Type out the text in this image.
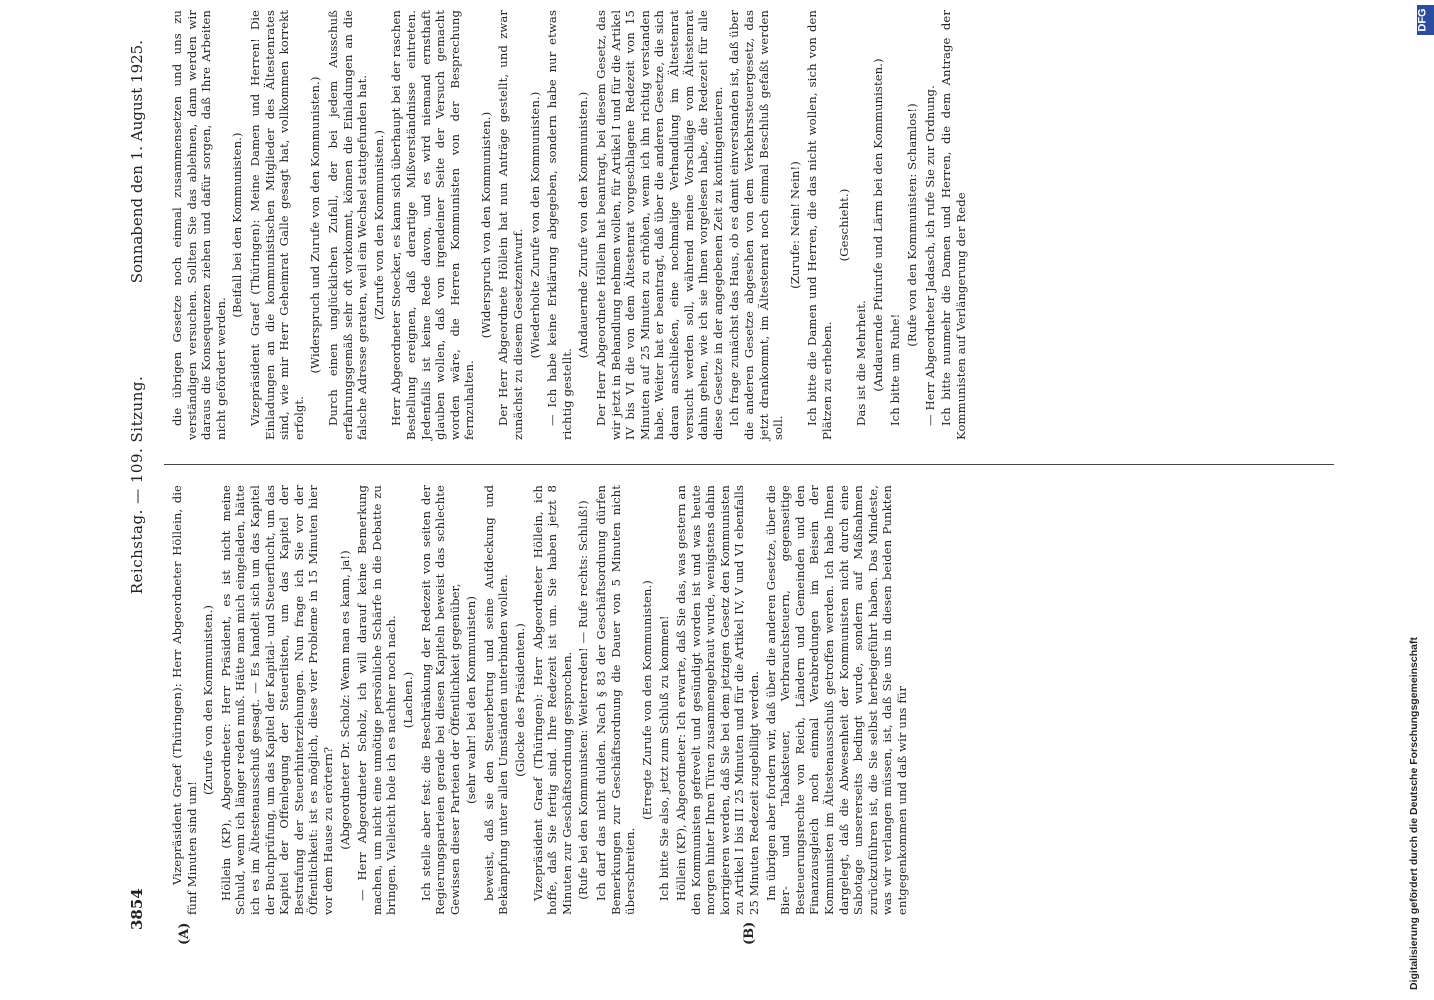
3854
Reichstag. — 109. Sitzung.
Sonnabend den 1. August 1925.
(A)	(B)

Vizepräsident Graef (Thüringen): Herr Abgeordneter Höllein, die fünf Minuten sind um!

(Zurufe von den Kommunisten.) Höllein (KP), Abgeordneter: Herr Präsident, es ist nicht meine Schuld, wenn ich länger reden muß. Hätte man mich eingeladen, hätte ich es im Ältestenausschuß gesagt. — Es handelt sich um das Kapitel der Buchprüfung, um das Kapitel der Kapital- und Steuerflucht, um das Kapitel der Offenlegung der Steuerlisten, um das Kapitel der Bestrafung der Steuerhinterziehungen. Nun frage ich Sie vor der Öffentlichkeit: ist es möglich, diese vier Probleme in 15 Minuten hier vor dem Hause zu erörtern? (Abgeordneter Dr. Scholz: Wenn man es kann, ja!) — Herr Abgeordneter Scholz, ich will darauf keine Bemerkung machen, um nicht eine unnötige persönliche Schärfe in die Debatte zu bringen. Vielleicht hole ich es nachher noch nach. (Lachen.) Ich stelle aber fest: die Beschränkung der Redezeit von seiten der Regierungsparteien gerade bei diesen Kapiteln beweist das schlechte Gewissen dieser Parteien der Öffentlichkeit gegenüber, (sehr wahr! bei den Kommunisten) beweist, daß sie den Steuerbetrug und seine Aufdeckung und Bekämpfung unter allen Umständen unterbinden wollen. (Glocke des Präsidenten.) Vizepräsident Graef (Thüringen): Herr Abgeordneter Höllein, ich hoffe, daß Sie fertig sind. Ihre Redezeit ist um. Sie haben jetzt 8 Minuten zur Geschäftsordnung gesprochen. (Rufe bei den Kommunisten: Weiterreden! — Rufe rechts: Schluß!) Ich darf das nicht dulden. Nach § 83 der Geschäftsordnung dürfen Bemerkungen zur Geschäftsordnung die Dauer von 5 Minuten nicht überschreiten.

(Erregte Zurufe von den Kommunisten.) Ich bitte Sie also, jetzt zum Schluß zu kommen! Höllein (KP), Abgeordneter: Ich erwarte, daß Sie das, was gestern an den Kommunisten gefrevelt und gesündigt worden ist und was heute morgen hinter Ihren Türen zusammengebraut wurde, wenigstens dahin korrigieren werden, daß Sie bei dem jetzigen Gesetz den Kommunisten zu Artikel I bis III 25 Minuten und für die Artikel IV, V und VI ebenfalls 25 Minuten Redezeit zugebilligt werden. Im übrigen aber fordern wir, daß über die anderen Gesetze, über die Bier- und Tabaksteuer, Verbrauchsteuern, gegenseitige Besteuerungsrechte von Reich, Ländern und Gemeinden und den Finanzausgleich noch einmal Verabredungen im Beisein der Kommunisten im Ältestenausschuß getroffen werden. Ich habe Ihnen dargelegt, daß die Abwesenheit der Kommunisten nicht durch eine Sabotage unsererseits bedingt wurde, sondern auf Maßnahmen zurückzuführen ist, die Sie selbst herbeigeführt haben. Das Mindeste, was wir verlangen müssen, ist, daß Sie uns in diesen beiden Punkten entgegenkommen und daß wir uns für

die übrigen Gesetze noch einmal zusammensetzen und uns zu verständigen versuchen. Sollten Sie das ablehnen, dann werden wir daraus die Konsequenzen ziehen und dafür sorgen, daß Ihre Arbeiten nicht gefördert werden.

(Beifall bei den Kommunisten.) Vizepräsident Graef (Thüringen): Meine Damen und Herren! Die Einladungen an die kommunistischen Mitglieder des Ältestenrates sind, wie mir Herr Geheimrat Galle gesagt hat, vollkommen korrekt erfolgt.

(Widerspruch und Zurufe von den Kommunisten.) Durch einen unglücklichen Zufall, der bei jedem Ausschuß erfahrungsgemäß sehr oft vorkommt, können die Einladungen an die falsche Adresse geraten, weil ein Wechsel stattgefunden hat. (Zurufe von den Kommunisten.) Herr Abgeordneter Stoecker, es kann sich überhaupt bei der raschen Bestellung ereignen, daß derartige Mißverständnisse eintreten. Jedenfalls ist keine Rede davon, und es wird niemand ernsthaft glauben wollen, daß von irgendeiner Seite der Versuch gemacht worden wäre, die Herren Kommunisten von der Besprechung fernzuhalten.

(Widerspruch von den Kommunisten.) Der Herr Abgeordnete Höllein hat nun Anträge gestellt, und zwar zunächst zu diesem Gesetzentwurf. (Wiederholte Zurufe von den Kommunisten.) — Ich habe keine Erklärung abgegeben, sondern habe nur etwas richtig gestellt.

(Andauernde Zurufe von den Kommunisten.) Der Herr Abgeordnete Höllein hat beantragt, bei diesem Gesetz, das wir jetzt in Behandlung nehmen wollen, für Artikel I und für die Artikel IV bis VI die von dem Ältestenrat vorgeschlagene Redezeit von 15 Minuten auf 25 Minuten zu erhöhen, wenn ich ihn richtig verstanden habe. Weiter hat er beantragt, daß über die anderen Gesetze, die sich daran anschließen, eine nochmalige Verhandlung im Ältestenrat versucht werden soll, während meine Vorschläge vom Ältestenrat dahin gehen, wie ich sie Ihnen vorgelesen habe, die Redezeit für alle diese Gesetze in der angegebenen Zeit zu kontingentieren. Ich frage zunächst das Haus, ob es damit einverstanden ist, daß über die anderen Gesetze abgesehen von dem Verkehrssteuergesetz, das jetzt drankommt, im Ältestenrat noch einmal Beschluß gefaßt werden soll.

(Zurufe: Nein! Nein!) Ich bitte die Damen und Herren, die das nicht wollen, sich von den Plätzen zu erheben.

(Geschieht.)

Das ist die Mehrheit. (Andauernde Pfuirufe und Lärm bei den Kommunisten.) Ich bitte um Ruhe!

(Rufe von den Kommunisten: Schamlos!) — Herr Abgeordneter Jadasch, ich rufe Sie zur Ordnung. Ich bitte nunmehr die Damen und Herren, die dem Antrage der Kommunisten auf Verlängerung der Rede

Digitalisierung gefördert durch die Deutsche Forschungsgemeinschaft
DFG
